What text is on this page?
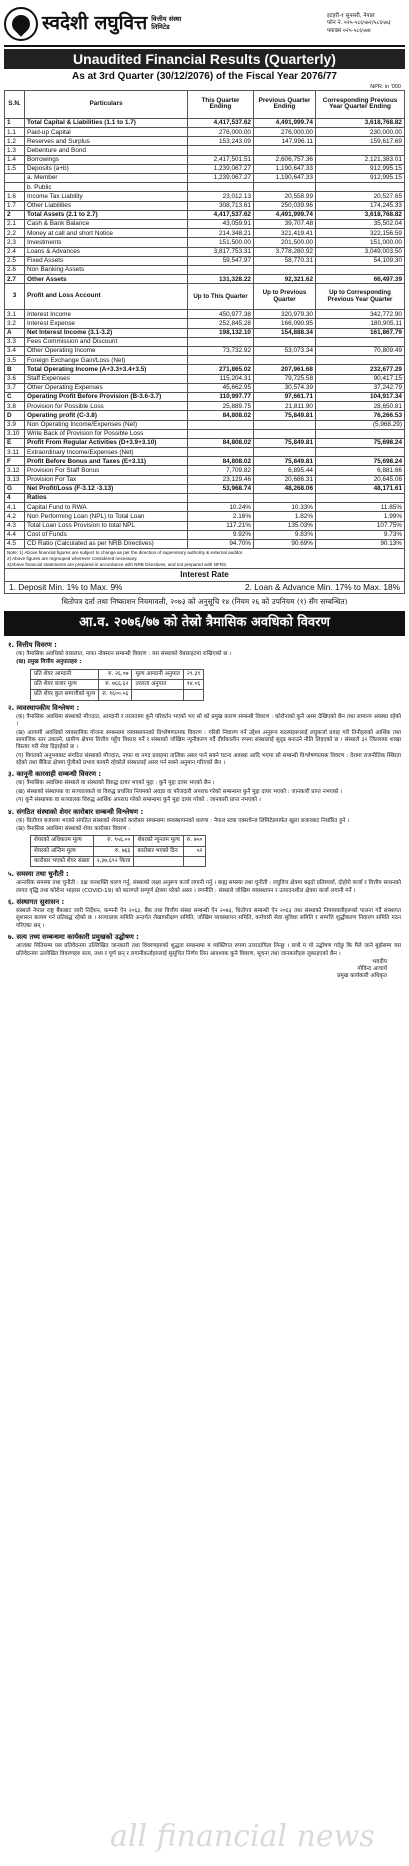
स्वदेशी लघुवित्त वित्तीय संस्था लिमिटेड
इटहरी-१ सुनसरी, नेपाल
फोन नं. ०२५-५८६५७२/५८६५७३
फ्याक्स ०२५-५८६५७४
Unaudited Financial Results (Quarterly)
As at 3rd Quarter (30/12/2076) of the Fiscal Year 2076/77
NPR. in '000
S.N.	Particulars	This Quarter Ending	Previous Quarter Ending	Corresponding Previous Year Quarter Ending
1	Total Capital & Liabilities (1.1 to 1.7)	4,417,537.62	4,491,999.74	3,618,768.82
1.1	Paid-up Capital	276,000.00	276,000.00	230,000.00
1.2	Reserves and Surplus	153,243.09	147,996.11	159,617.69
1.3	Debenture and Bond			
1.4	Borrowings	2,417,501.51	2,606,757.36	2,121,383.01
1.5	Deposits (a+b)	1,239,067.27	1,190,647.33	912,995.15
	a. Member	1,239,067.27	1,190,647.33	912,995.15
	b. Public			
1.6	Income Tax Liability	23,012.13	20,558.99	20,527.65
1.7	Other Liabilities	308,713.61	250,039.96	174,245.33
2	Total Assets (2.1 to 2.7)	4,417,537.62	4,491,999.74	3,618,768.82
2.1	Cash & Bank Balance	43,059.91	39,707.48	35,502.04
2.2	Money at call and short Notice	214,348.21	321,419.41	322,156.59
2.3	Investments	151,500.00	201,500.00	151,000.00
2.4	Loans & Advances	3,817,753.31	3,778,280.92	3,049,003.50
2.5	Fixed Assets	59,547.97	58,770.31	54,109.30
2.6	Non Banking Assets			
2.7	Other Assets	131,328.22	92,321.62	66,497.39
3	Profit and Loss Account	Up to This Quarter	Up to Previous Quarter	Up to Corresponding Previous Year Quarter
3.1	Interest Income	450,977.38	320,979.30	342,772.90
3.2	Interest Expense	252,845.28	166,090.95	180,905.11
A	Net Interest Income (3.1-3.2)	198,132.10	154,888.34	161,867.79
3.3	Fees Commission and Discount			
3.4	Other Operating Income	73,732.92	53,073.34	70,809.49
3.5	Foreign Exchange Gain/Loss (Net)			
B	Total Operating Income (A+3.3+3.4+3.5)	271,865.02	207,961.68	232,677.29
3.6	Staff Expenses	115,204.31	79,725.58	90,417.15
3.7	Other Operating Expenses	45,662.95	30,574.39	37,242.79
C	Operating Profit Before Provision (B-3.6-3.7)	110,997.77	97,661.71	104,917.34
3.8	Provision for Possible Loss	25,889.75	21,811.90	28,650.81
D	Operating profit (C-3.8)	84,808.02	75,849.81	76,266.53
3.9	Non Operating Income/Expenses (Net)			(5,968.29)
3.10	Write Back of Provision for Possible Loss			
E	Profit From Regular Activities (D+3.9+3.10)	84,808.02	75,849.81	75,698.24
3.11	Extraordinary Income/Expenses (Net)			
F	Profit Before Bonus and Taxes (E+3.11)	84,808.02	75,849.81	75,698.24
3.12	Provision For Staff Bonus	7,709.82	6,895.44	6,881.66
3.13	Provision For Tax	23,129.46	20,686.31	20,645.06
G	Net Profit/Loss (F-3.12 -3.13)	53,968.74	48,268.06	48,171.61
4	Ratios			
4.1	Capital Fund to RWA	10.24%	10.33%	11.85%
4.2	Non Performing Loan (NPL) to Total Loan	2.16%	1.82%	1.99%
4.3	Total Loan Loss Provision to total NPL	117.21%	135.03%	107.75%
4.4	Cost of Funds	9.92%	9.83%	9.73%
4.5	CD Ratio (Calculated as per NRB Directives)	94.70%	90.69%	90.13%
Note: 1) Above financial figures are subject to change as per the direction of supervisory authority & external auditor.
2) Above figures are regrouped wherever considered necessary.
3)Above financial statements are prepared in accordance with NRB Directives, and not prepared with NFRS.
Interest Rate
1. Deposit Min. 1% to Max. 9%	2. Loan & Advance Min. 17% to Max. 18%
धितोपत्र दर्ता तथा निष्काशन नियमावली, २०७३ को अनुसूचि १४ (नियम २६ को उपनियम (१) सँग सम्बन्धित)
आ.व. २०७६/७७ को तेस्रो त्रैमासिक अवधिको विवरण
१. वित्तीय विवरण :
(क) त्रैमासिक अवधिको वासलात, नाफा नोक्सान सम्बन्धी विवरण : यस संस्थाको वेबसाइटमा राखिएको छ ।
(ख) प्रमुख वित्तीय अनुपातहरु :
प्रति शेयर आम्दानी	रु. २६.०७	मूल्य आम्दानी अनुपात	२९.३९
प्रति शेयर बजार मूल्य	रु. ७६६.६२	तरलता अनुपात	१४.०६
प्रति शेयर कुल सम्पत्तीको मूल्य	रु. १६००.५६		
२. व्यवस्थापकीय विश्लेषण :
(क) त्रैमासिक अवधिमा संस्थाको मौज्दात, आम्दानी र तरलतामा कुनै परिवर्तन भएको भए सो को प्रमुख कारण सम्बन्धी विवरण : कोरोनाको कुनै असर देखिएको छैन तथा सामान्य अवस्था रहेको ।
(ख) आगामी अवधिको व्यवसायिक योजना सम्बन्धमा व्यवस्थापनको विश्लेषणात्मक विवरण : गरिबी निवारण गर्ने उद्देश्य अनुरूप सदस्यहरूलाई लघुकर्जा प्रवाह गरी तिनीहरुको आर्थिक तथा सामाजिक स्तर उकास्ने, ग्रामीण क्षेत्रमा वित्तीय पहुँच विस्तार गर्ने र संस्थाको जोखिम न्यूनीकरण गर्दै दीर्घकालीन रुपमा संस्थालाई सुदृढ बनाउने नीति लिइएको छ । संस्थाले ३२ जिल्लामा शाखा विस्तार गरी सेवा दिइरहेको छ ।
(ग) विगतको अनुभवबाट संगठित संस्थाको मौज्दात, नाफा वा नगद प्रवाहमा तात्विक असर पार्न सक्ने घटना अवस्था आदि भएमा सो सम्बन्धी विश्लेषणात्मक विवरण : देशमा राजनीतिक स्थिरता रहेको तथा बैंकिङ क्षेत्रमा पूँजीको प्रभाव कायमै रहेकोले संस्थालाई असर पर्न सक्ने अनुमान गरिएको छैन ।
३. कानूनी कारवाही सम्बन्धी विवरण :
(क) त्रैमासिक अवधिमा संस्थाले वा संस्थाको विरुद्ध दायर भएको मुद्दा : कुनै मुद्दा दायर भएको छैन ।
(ख) संस्थाको संस्थापक वा सञ्चालकले वा विरुद्ध प्रचलित नियमको अवज्ञा वा फौजदारी अपराध गरेको सम्बन्धमा कुनै मुद्दा दायर भएको : जानकारी प्राप्त नभएको ।
(ग) कुनै संस्थापक वा सञ्चालक विरुद्ध आर्थिक अपराध गरेको सम्बन्धमा कुनै मुद्दा दायर गरेको : जानकारी प्राप्त नभएको ।
४. संगठित संस्थाको शेयर कारोबार सम्बन्धी विश्लेषण :
(क) धितोपत्र बजारमा भएको संगठित संस्थाको शेयरको कारोबार सम्बन्धमा व्यवस्थापनको धारणा : नेपाल स्टक एक्सचेन्ज लिमिटेडमार्फत खुला बजारबाट निर्धारित हुने ।
(ख) त्रैमासिक अवधिमा संस्थाको शेयर कारोबार विवरण :
शेयरको अधिकतम मूल्य	रु. ९५६.००	शेयरको न्यूनतम मूल्य	रु. ७५०
शेयरको अन्तिम मूल्य	रु. ७६६	कारोबार भएको दिन	५२
कारोबार भएको शेयर संख्या	२,३७,६९२ कित्ता		
५. समस्या तथा चुनौती :
आन्तरिक समस्या तथा चुनौती : दक्ष जनशक्ति धारण गर्नु, संस्थाको लक्ष्य अनुरूप कर्जा लगानी गर्नु । बाह्य समस्या तथा चुनौती : लघुवित्त क्षेत्रमा बढ्दो प्रतिस्पर्धा, दोहोरो कर्जा र वित्तीय साधनको लागत वृद्धि तथा कोरोना भाइरस (COVID-19) को कारणले सम्पूर्ण क्षेत्रमा परेको असर । रणनीति : संस्थाले जोखिम व्यवस्थापन र उत्पादनशील क्षेत्रमा कर्जा लगानी गर्ने ।
६. संस्थागत सुशासन :
संस्थाले नेपाल राष्ट्र बैंकबाट जारी निर्देशन, कम्पनी ऐन २०६३, बैंक तथा वित्तीय संस्था सम्बन्धी ऐन २०७३, धितोपत्र सम्बन्धी ऐन २०६३ तथा संस्थाको नियमावलीहरूको पालना गर्दै संस्थागत सुशासन कायम गर्न प्रतिबद्ध रहेको छ । सञ्चालक समिति अन्तर्गत लेखापरीक्षण समिति, जोखिम व्यवस्थापन समिति, कर्मचारी सेवा सुविधा समिति र सम्पत्ति शुद्धीकरण निवारण समिति गठन गरिएका छन् ।
७. सत्य तथ्य सम्बन्धमा कार्यकारी प्रमुखको उद्घोषण :
आजका मितिसम्म यस प्रतिवेदनमा उल्लिखित जानकारी तथा विवरणहरुको शुद्धता सम्बन्धमा म व्यक्तिगत रुपमा उत्तरदायित्व लिन्छु । साथै म यो उद्घोषण गर्दछु कि मैले जाने बुझेसम्म यस प्रतिवेदनमा उल्लेखित विवरणहरु सत्य, तथ्य र पूर्ण छन् र लगानीकर्ताहरुलाई सुसूचित निर्णय लिन आवश्यक कुनै विवरण, सूचना तथा जानकारीहरु लुकाइएको छैन ।
भवदीय
गोविन्द आचार्य
प्रमुख कार्यकारी अधिकृत
all financial news
